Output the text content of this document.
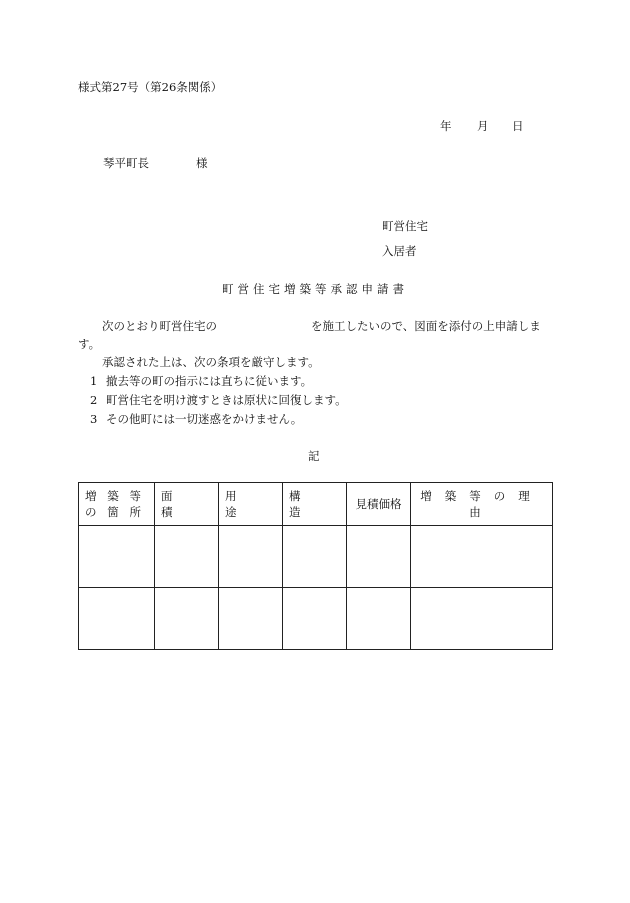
様式第27号（第26条関係）
年 月 日
琴平町長	様
町営住宅
入居者
町営住宅増築等承認申請書
次のとおり町営住宅の	を施工したいので、図面を添付の上申請しま
す。
承認された上は、次の条項を厳守します。
1 撤去等の町の指示には直ちに従います。
2 町営住宅を明け渡すときは原状に回復します。
3 その他町には一切迷惑をかけません。
記
増築等の箇所	面積	用途	構造	見積価格	増築等の理由
